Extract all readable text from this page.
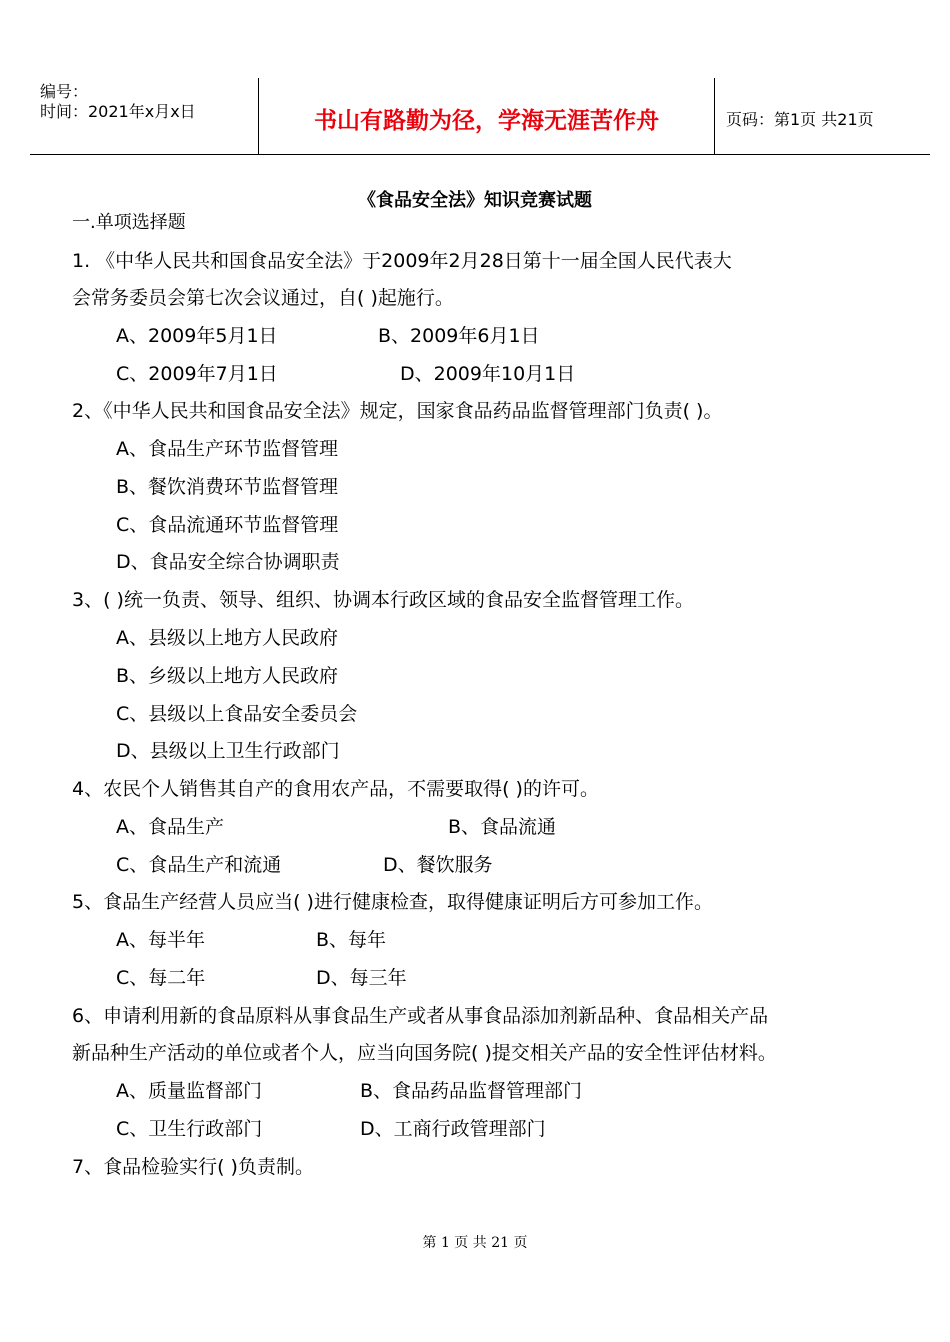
编号：
时间：2021年x月x日	书山有路勤为径，学海无涯苦作舟	页码：第1页 共21页
《食品安全法》知识竞赛试题
一.单项选择题
1. 《中华人民共和国食品安全法》于2009年2月28日第十一届全国人民代表大
会常务委员会第七次会议通过，自( )起施行。
A、2009年5月1日	B、2009年6月1日
C、2009年7月1日	D、2009年10月1日
2、《中华人民共和国食品安全法》规定，国家食品药品监督管理部门负责( )。
A、食品生产环节监督管理
B、餐饮消费环节监督管理
C、食品流通环节监督管理
D、食品安全综合协调职责
3、( )统一负责、领导、组织、协调本行政区域的食品安全监督管理工作。
A、县级以上地方人民政府
B、乡级以上地方人民政府
C、县级以上食品安全委员会
D、县级以上卫生行政部门
4、农民个人销售其自产的食用农产品，不需要取得( )的许可。
A、食品生产	B、食品流通
C、食品生产和流通	D、餐饮服务
5、食品生产经营人员应当( )进行健康检查，取得健康证明后方可参加工作。
A、每半年	B、每年
C、每二年	D、每三年
6、申请利用新的食品原料从事食品生产或者从事食品添加剂新品种、食品相关产品
新品种生产活动的单位或者个人，应当向国务院( )提交相关产品的安全性评估材料。
A、质量监督部门	B、食品药品监督管理部门
C、卫生行政部门	D、工商行政管理部门
7、食品检验实行( )负责制。
第 1 页 共 21 页
